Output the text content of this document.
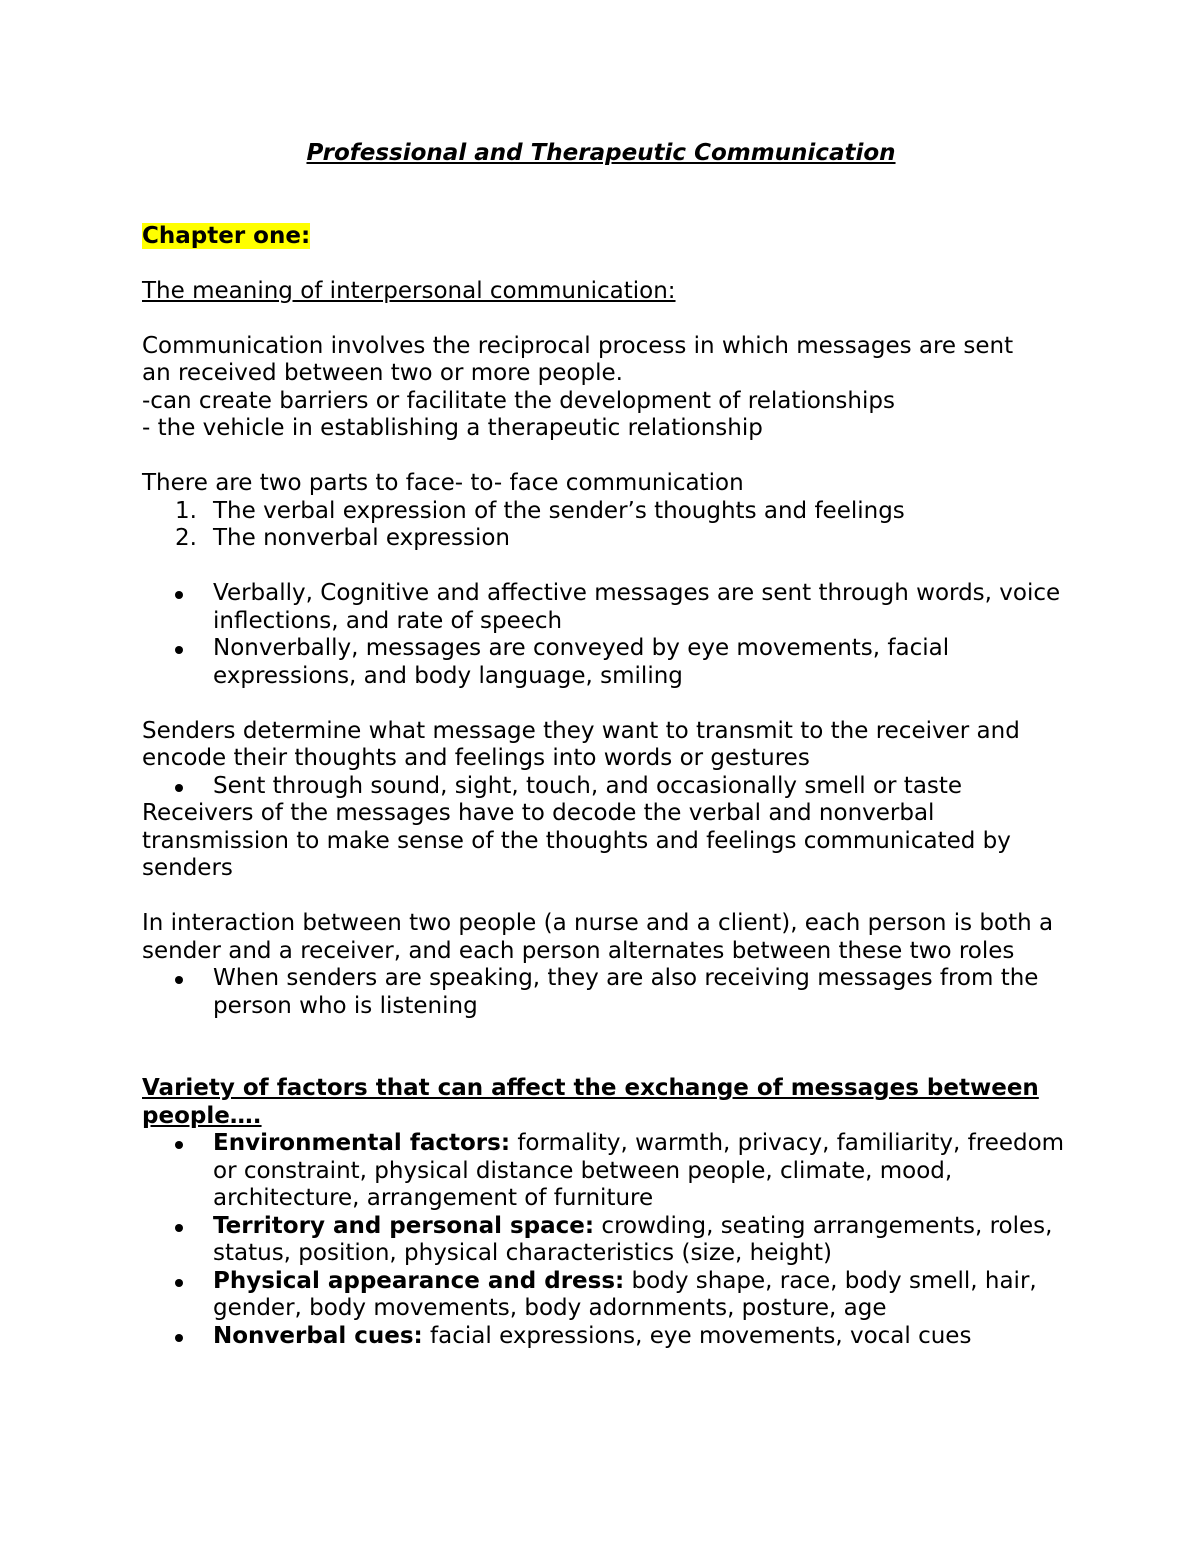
Professional and Therapeutic Communication

Chapter one:

The meaning of interpersonal communication:

Communication involves the reciprocal process in which messages are sent

an received between two or more people.

-can create barriers or facilitate the development of relationships

- the vehicle in establishing a therapeutic relationship

There are two parts to face- to- face communication

1. The verbal expression of the sender’s thoughts and feelings
2. The nonverbal expression
Verbally, Cognitive and affective messages are sent through words, voice inflections, and rate of speech
Nonverbally, messages are conveyed by eye movements, facial expressions, and body language, smiling

Senders determine what message they want to transmit to the receiver and encode their thoughts and feelings into words or gestures

Sent through sound, sight, touch, and occasionally smell or taste

Receivers of the messages have to decode the verbal and nonverbal transmission to make sense of the thoughts and feelings communicated by senders

In interaction between two people (a nurse and a client), each person is both a sender and a receiver, and each person alternates between these two roles

When senders are speaking, they are also receiving messages from the person who is listening

Variety of factors that can affect the exchange of messages between people….

Environmental factors: formality, warmth, privacy, familiarity, freedom or constraint, physical distance between people, climate, mood, architecture, arrangement of furniture
Territory and personal space: crowding, seating arrangements, roles, status, position, physical characteristics (size, height)
Physical appearance and dress: body shape, race, body smell, hair, gender, body movements, body adornments, posture, age
Nonverbal cues: facial expressions, eye movements, vocal cues
